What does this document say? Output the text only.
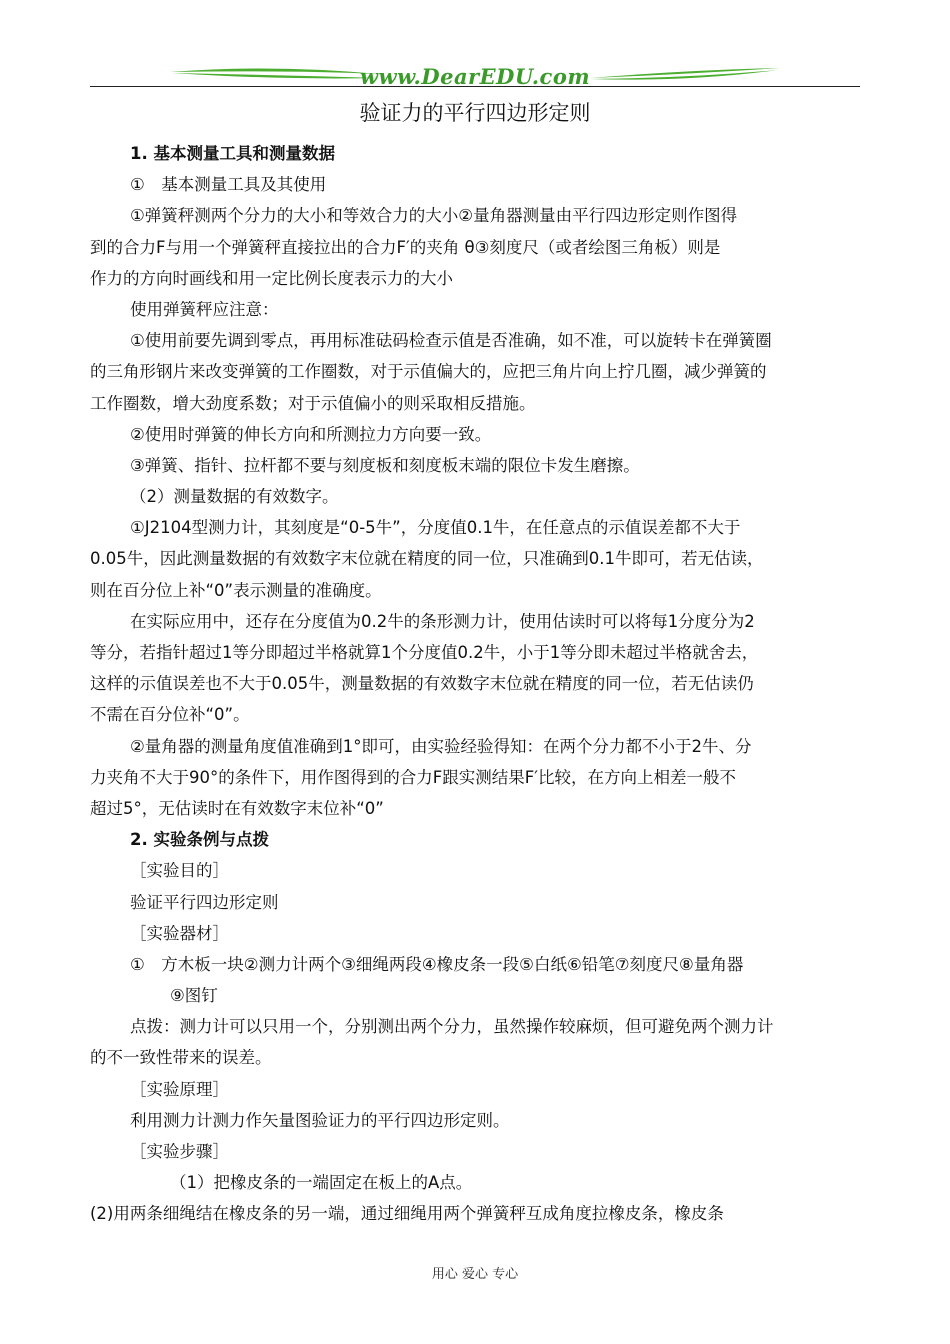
www.DearEDU.com
验证力的平行四边形定则
1. 基本测量工具和测量数据
①　基本测量工具及其使用
①弹簧秤测两个分力的大小和等效合力的大小②量角器测量由平行四边形定则作图得
到的合力F与用一个弹簧秤直接拉出的合力F′的夹角 θ③刻度尺（或者绘图三角板）则是
作力的方向时画线和用一定比例长度表示力的大小
使用弹簧秤应注意：
①使用前要先调到零点，再用标准砝码检查示值是否准确，如不准，可以旋转卡在弹簧圈
的三角形钢片来改变弹簧的工作圈数，对于示值偏大的，应把三角片向上拧几圈，减少弹簧的
工作圈数，增大劲度系数；对于示值偏小的则采取相反措施。
②使用时弹簧的伸长方向和所测拉力方向要一致。
③弹簧、指针、拉杆都不要与刻度板和刻度板末端的限位卡发生磨擦。
（2）测量数据的有效数字。
①J2104型测力计，其刻度是“0-5牛”，分度值0.1牛，在任意点的示值误差都不大于
0.05牛，因此测量数据的有效数字末位就在精度的同一位，只准确到0.1牛即可，若无估读，
则在百分位上补“0”表示测量的准确度。
在实际应用中，还存在分度值为0.2牛的条形测力计，使用估读时可以将每1分度分为2
等分，若指针超过1等分即超过半格就算1个分度值0.2牛，小于1等分即未超过半格就舍去，
这样的示值误差也不大于0.05牛，测量数据的有效数字末位就在精度的同一位，若无估读仍
不需在百分位补“0”。
②量角器的测量角度值准确到1°即可，由实验经验得知：在两个分力都不小于2牛、分
力夹角不大于90°的条件下，用作图得到的合力F跟实测结果F′比较，在方向上相差一般不
超过5°，无估读时在有效数字末位补“0”
2. 实验条例与点拨
［实验目的］
验证平行四边形定则
［实验器材］
①　方木板一块②测力计两个③细绳两段④橡皮条一段⑤白纸⑥铅笔⑦刻度尺⑧量角器
⑨图钉
点拨：测力计可以只用一个，分别测出两个分力，虽然操作较麻烦，但可避免两个测力计
的不一致性带来的误差。
［实验原理］
利用测力计测力作矢量图验证力的平行四边形定则。
［实验步骤］
（1）把橡皮条的一端固定在板上的A点。
(2)用两条细绳结在橡皮条的另一端，通过细绳用两个弹簧秤互成角度拉橡皮条，橡皮条
用心 爱心 专心
